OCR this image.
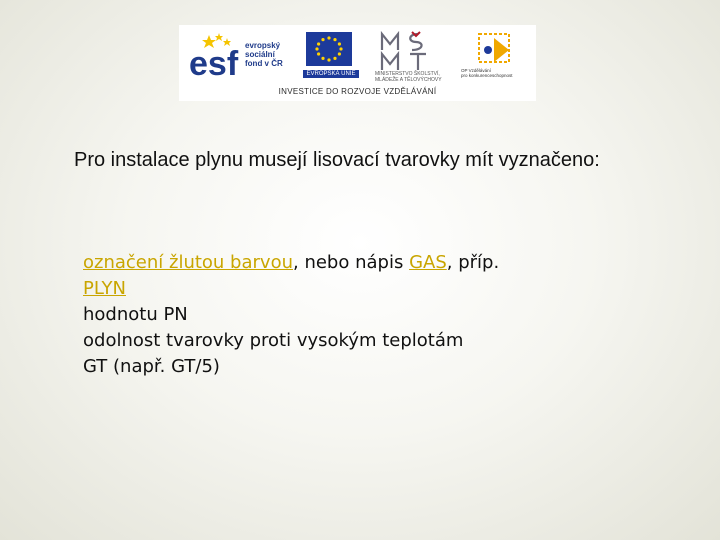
esf evropský
sociální
fond v ČR
EVROPSKÁ UNIE	MINISTERSTVO ŠKOLSTVÍ,
MLÁDEŽE A TĚLOVÝCHOVY
OP Vzdělávání
pro konkurenceschopnost
INVESTICE DO ROZVOJE VZDĚLÁVÁNÍ
Pro instalace plynu musejí lisovací tvarovky mít vyznačeno:
označení žlutou barvou, nebo nápis GAS, příp.
PLYN
hodnotu PN
odolnost tvarovky proti vysokým teplotám
GT (např. GT/5)
